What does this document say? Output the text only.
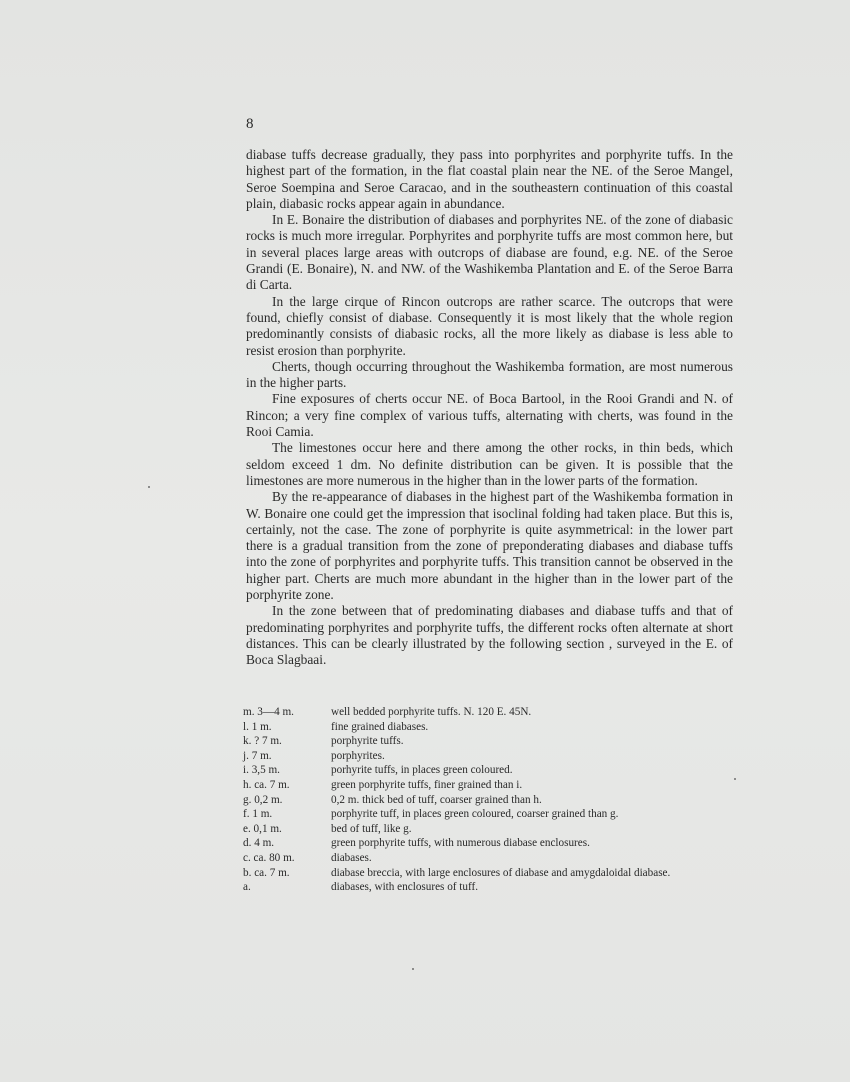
8

diabase tuffs decrease gradually, they pass into porphyrites and porphyrite tuffs. In the highest part of the formation, in the flat coastal plain near the NE. of the Seroe Mangel, Seroe Soempina and Seroe Caracao, and in the southeastern continuation of this coastal plain, diabasic rocks appear again in abundance.

In E. Bonaire the distribution of diabases and porphyrites NE. of the zone of diabasic rocks is much more irregular. Porphyrites and porphyrite tuffs are most common here, but in several places large areas with outcrops of diabase are found, e.g. NE. of the Seroe Grandi (E. Bonaire), N. and NW. of the Washikemba Plantation and E. of the Seroe Barra di Carta.

In the large cirque of Rincon outcrops are rather scarce. The outcrops that were found, chiefly consist of diabase. Consequently it is most likely that the whole region predominantly consists of diabasic rocks, all the more likely as diabase is less able to resist erosion than porphyrite.

Cherts, though occurring throughout the Washikemba formation, are most numerous in the higher parts.

Fine exposures of cherts occur NE. of Boca Bartool, in the Rooi Grandi and N. of Rincon; a very fine complex of various tuffs, alternating with cherts, was found in the Rooi Camia.

The limestones occur here and there among the other rocks, in thin beds, which seldom exceed 1 dm. No definite distribution can be given. It is possible that the limestones are more numerous in the higher than in the lower parts of the formation.

By the re-appearance of diabases in the highest part of the Washikemba formation in W. Bonaire one could get the impression that isoclinal folding had taken place. But this is, certainly, not the case. The zone of porphyrite is quite asymmetrical: in the lower part there is a gradual transition from the zone of preponderating diabases and diabase tuffs into the zone of porphyrites and porphyrite tuffs. This transition cannot be observed in the higher part. Cherts are much more abundant in the higher than in the lower part of the porphyrite zone.

In the zone between that of predominating diabases and diabase tuffs and that of predominating porphyrites and porphyrite tuffs, the different rocks often alternate at short distances. This can be clearly illustrated by the following section , surveyed in the E. of Boca Slagbaai.

m. 3—4 m.	well bedded porphyrite tuffs. N. 120 E. 45N.
l. 1 m.	fine grained diabases.
k. ? 7 m.	porphyrite tuffs.
j. 7 m.	porphyrites.
i. 3,5 m.	porhyrite tuffs, in places green coloured.
h. ca. 7 m.	green porphyrite tuffs, finer grained than i.
g. 0,2 m.	0,2 m. thick bed of tuff, coarser grained than h.
f. 1 m.	porphyrite tuff, in places green coloured, coarser grained than g.
e. 0,1 m.	bed of tuff, like g.
d. 4 m.	green porphyrite tuffs, with numerous diabase enclosures.
c. ca. 80 m.	diabases.
b. ca. 7 m.	diabase breccia, with large enclosures of diabase and amygdaloidal diabase.
a.	diabases, with enclosures of tuff.
